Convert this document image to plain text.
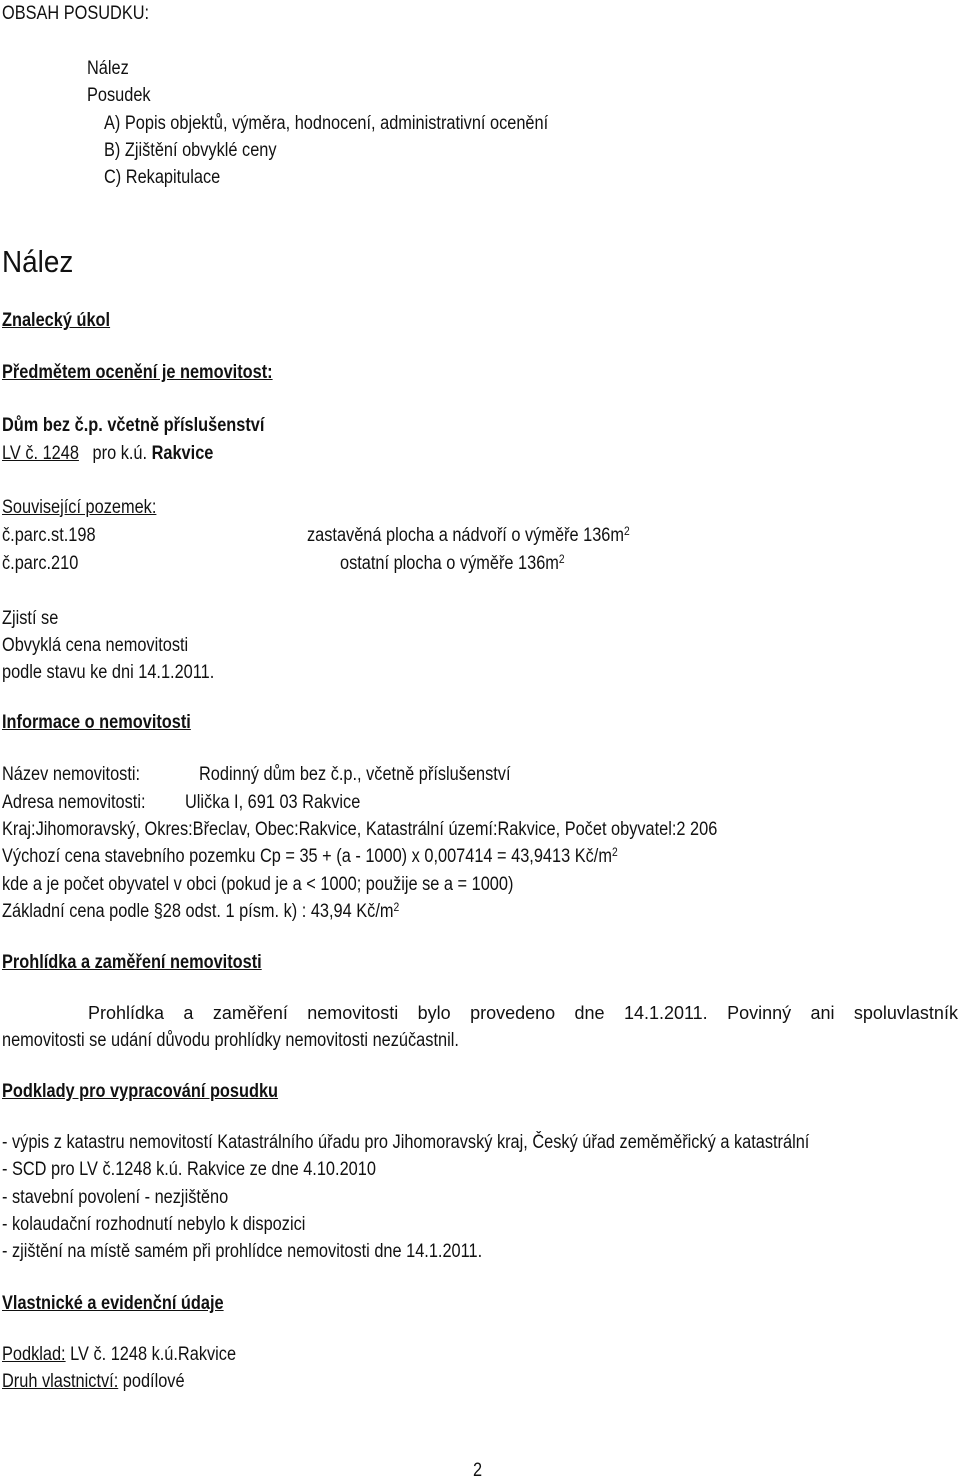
OBSAH POSUDKU:
Nález
Posudek
A) Popis objektů, výměra, hodnocení, administrativní ocenění
B) Zjištění obvyklé ceny
C) Rekapitulace
Nález
Znalecký úkol
Předmětem ocenění je nemovitost:
Dům bez č.p. včetně příslušenství
LV č. 1248 pro k.ú. Rakvice
Související pozemek:
č.parc.st.198	zastavěná plocha a nádvoří o výměře $136m^2$
č.parc.210	ostatní plocha o výměře $136m^2$
Zjistí se
Obvyklá cena nemovitosti
podle stavu ke dni 14.1.2011.
Informace o nemovitosti
Název nemovitosti:	Rodinný dům bez č.p., včetně příslušenství
Adresa nemovitosti: Ulička I, 691 03 Rakvice
Kraj:Jihomoravský, Okres:Břeclav, Obec:Rakvice, Katastrální území:Rakvice, Počet obyvatel:2 206
Výchozí cena stavebního pozemku Cp = 35 + (a - 1000) x 0,007414 = 43,9413 $Kč/m^2$
kde a je počet obyvatel v obci (pokud je a < 1000; použije se a = 1000)
Základní cena podle §28 odst. 1 písm. k) : 43,94 $Kč/m^2$
Prohlídka a zaměření nemovitosti
Prohlídka a zaměření nemovitosti bylo provedeno dne 14.1.2011. Povinný ani spoluvlastník
nemovitosti se udání důvodu prohlídky nemovitosti nezúčastnil.
Podklady pro vypracování posudku
- výpis z katastru nemovitostí Katastrálního úřadu pro Jihomoravský kraj, Český úřad zeměměřický a katastrální
- SCD pro LV č.1248 k.ú. Rakvice ze dne 4.10.2010
- stavební povolení - nezjištěno
- kolaudační rozhodnutí nebylo k dispozici
- zjištění na místě samém při prohlídce nemovitosti dne 14.1.2011.
Vlastnické a evidenční údaje
Podklad: LV č. 1248 k.ú.Rakvice
Druh vlastnictví: podílové
2
